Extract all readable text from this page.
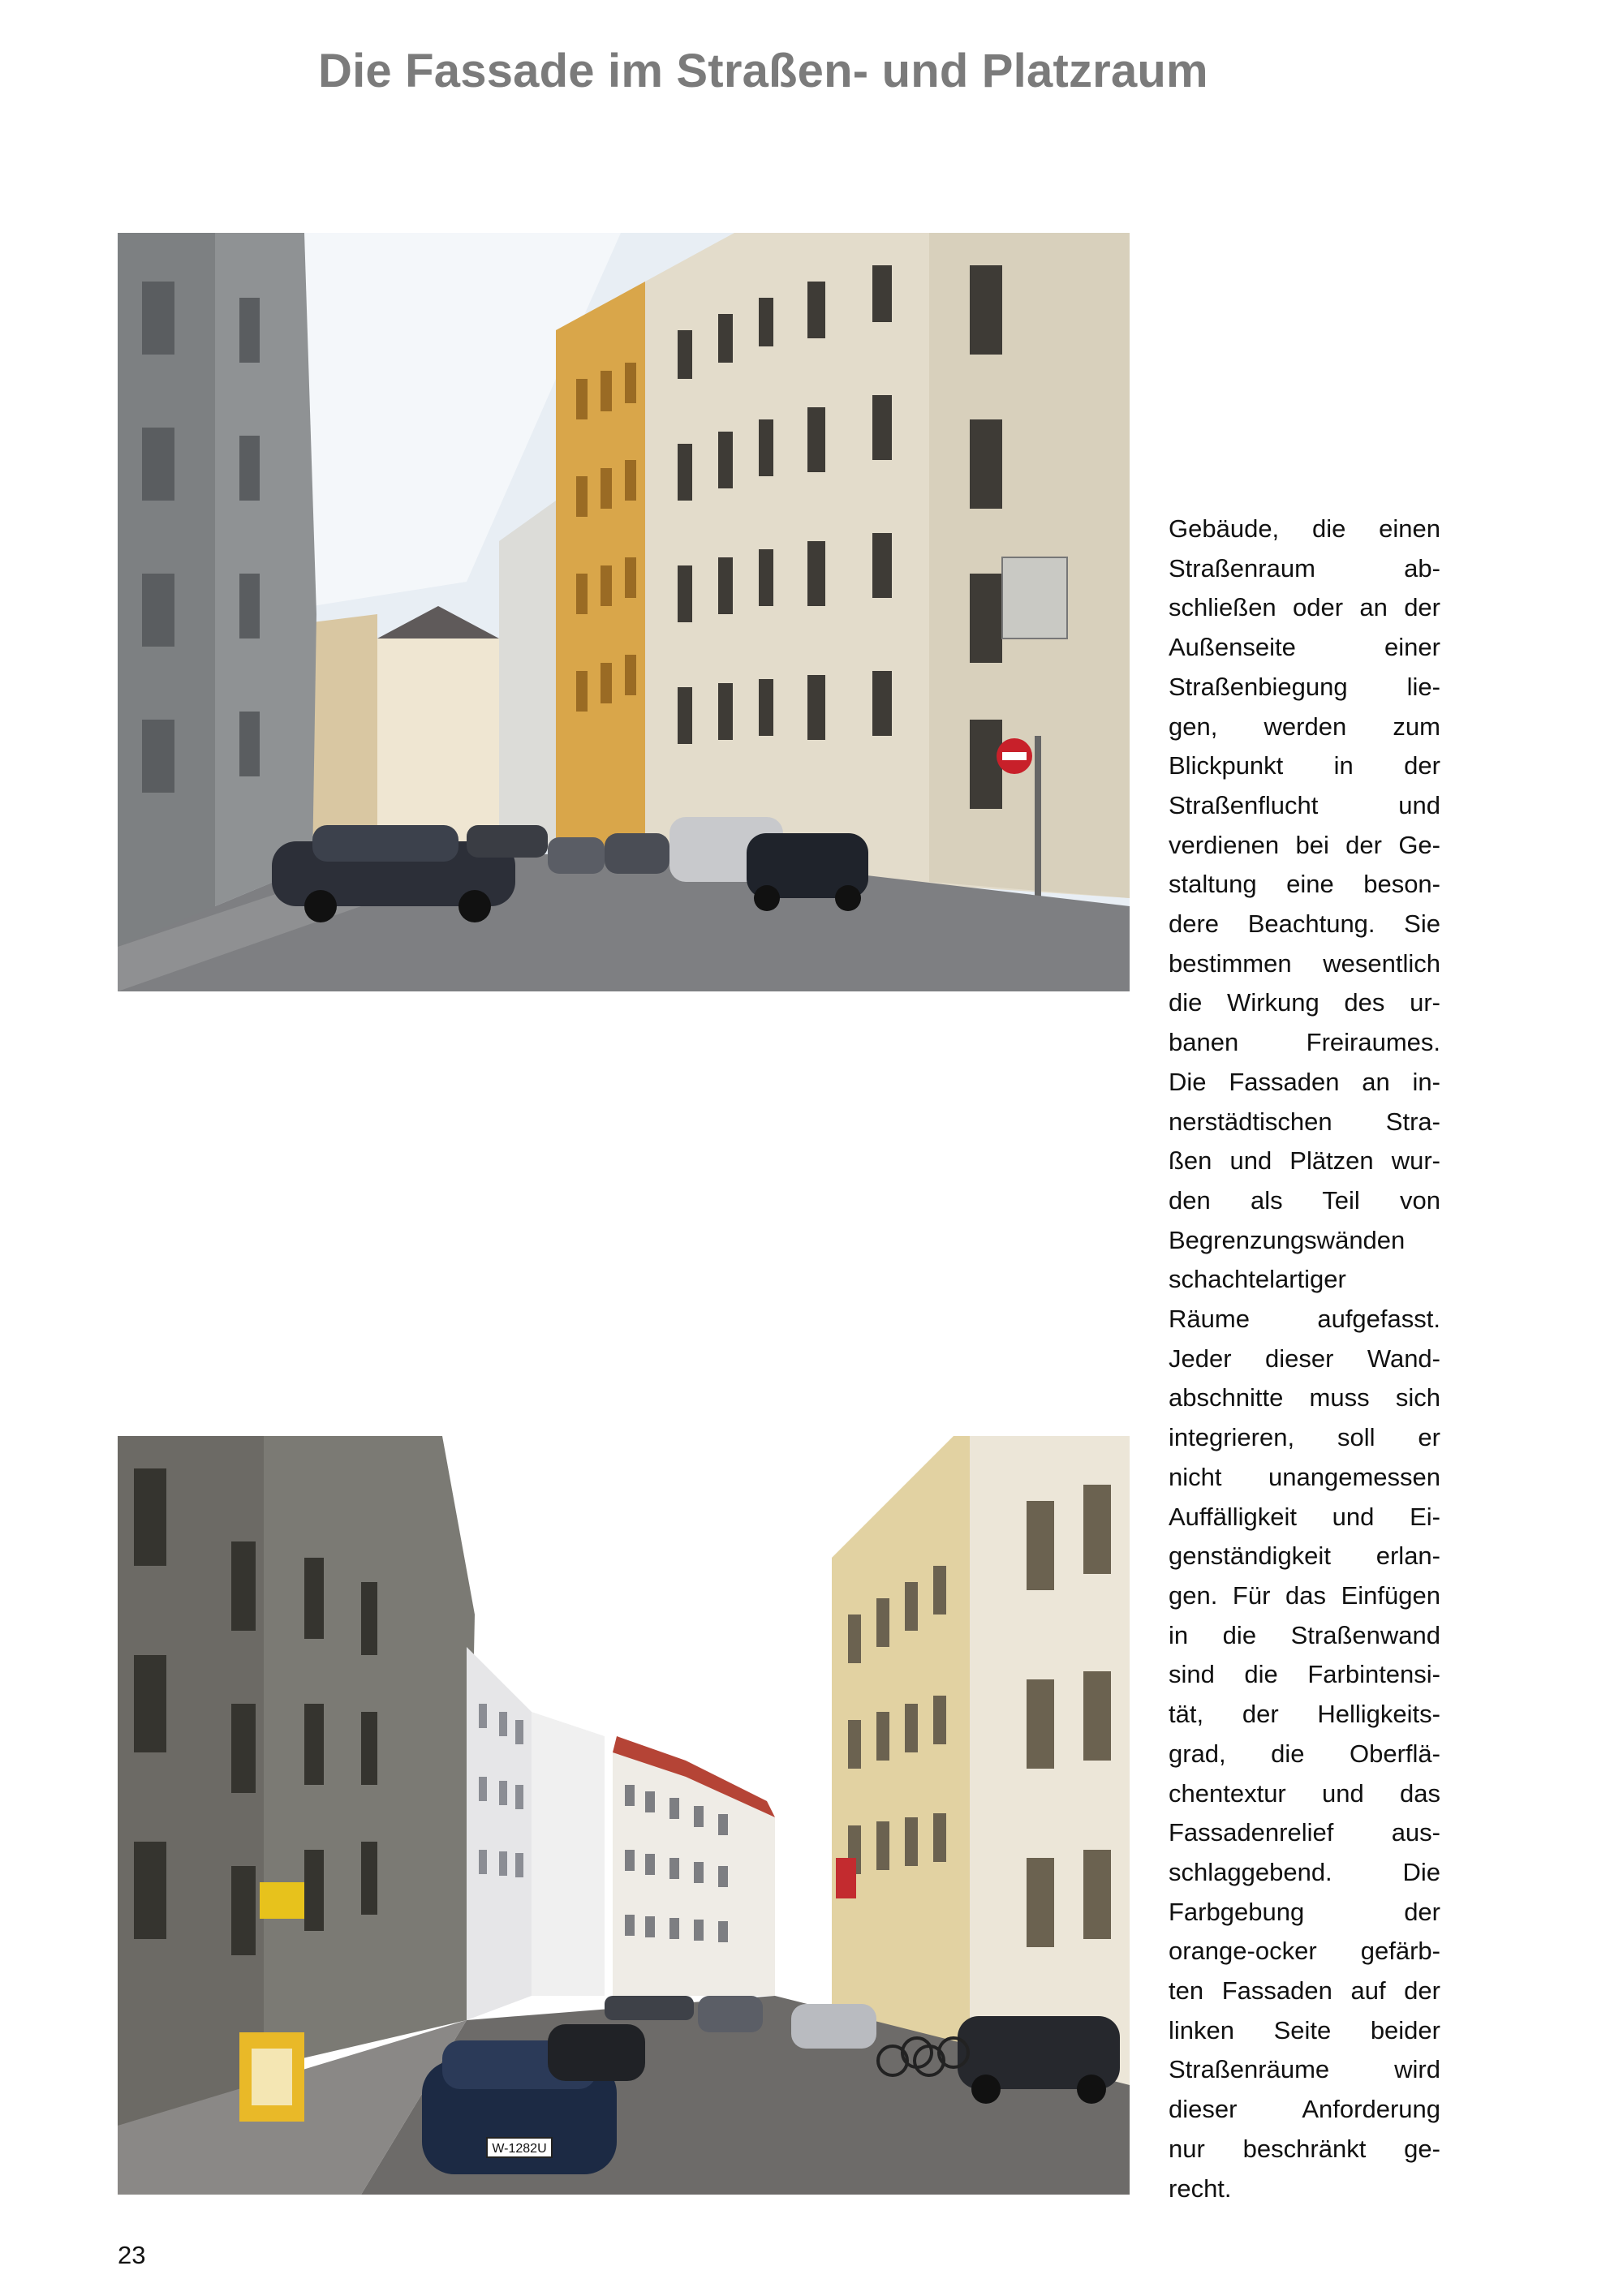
Die Fassade im Straßen- und Platzraum
W-1282U

Gebäude, die einen
Straßenraum ab-
schließen oder an der
Außenseite einer
Straßenbiegung lie-
gen, werden zum
Blickpunkt in der
Straßenflucht und
verdienen bei der Ge-
staltung eine beson-
dere Beachtung. Sie
bestimmen wesentlich
die Wirkung des ur-
banen Freiraumes.
Die Fassaden an in-
nerstädtischen Stra-
ßen und Plätzen wur-
den als Teil von
Begrenzungswänden
schachtelartiger
Räume aufgefasst.
Jeder dieser Wand-
abschnitte muss sich
integrieren, soll er
nicht unangemessen
Auffälligkeit und Ei-
genständigkeit erlan-
gen. Für das Einfügen
in die Straßenwand
sind die Farbintensi-
tät, der Helligkeits-
grad, die Oberflä-
chentextur und das
Fassadenrelief aus-
schlaggebend. Die
Farbgebung der
orange-ocker gefärb-
ten Fassaden auf der
linken Seite beider
Straßenräume wird
dieser Anforderung
nur beschränkt ge-
recht.

23
